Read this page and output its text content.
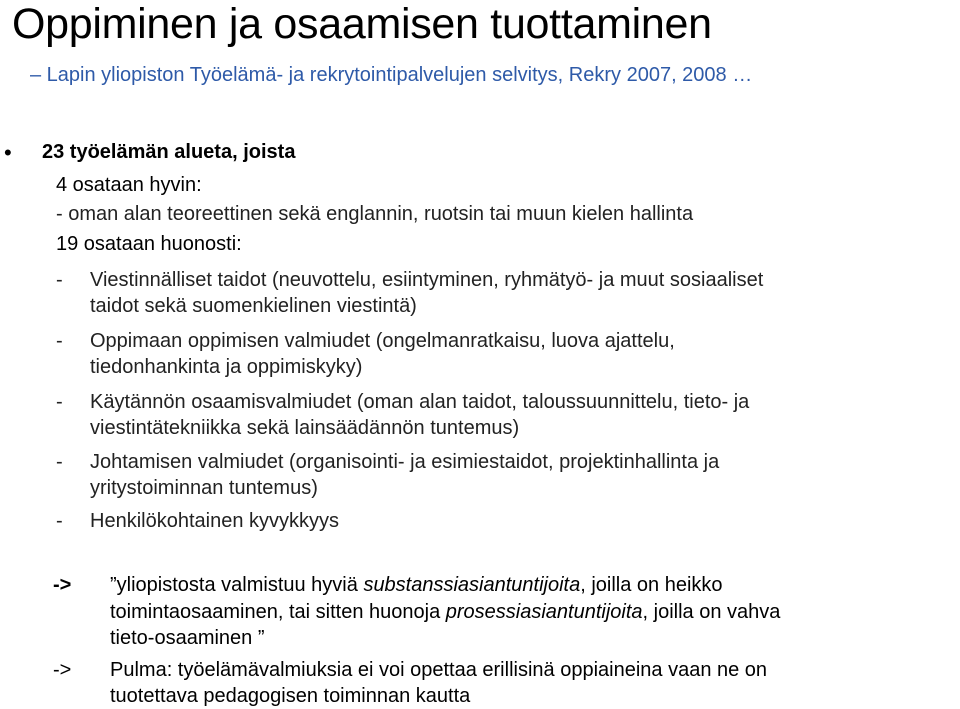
Oppiminen ja osaamisen tuottaminen
– Lapin yliopiston Työelämä- ja rekrytointipalvelujen selvitys, Rekry 2007, 2008 …
• 23 työelämän alueta, joista
4 osataan hyvin:
- oman alan teoreettinen sekä englannin, ruotsin tai muun kielen hallinta
19 osataan huonosti:
- Viestinnälliset taidot (neuvottelu, esiintyminen, ryhmätyö- ja muut sosiaaliset
taidot sekä suomenkielinen viestintä)
- Oppimaan oppimisen valmiudet (ongelmanratkaisu, luova ajattelu,
tiedonhankinta ja oppimiskyky)
- Käytännön osaamisvalmiudet (oman alan taidot, taloussuunnittelu, tieto- ja
viestintätekniikka sekä lainsäädännön tuntemus)
- Johtamisen valmiudet (organisointi- ja esimiestaidot, projektinhallinta ja
yritystoiminnan tuntemus)
- Henkilökohtainen kyvykkyys
-> ”yliopistosta valmistuu hyviä substanssiasiantuntijoita, joilla on heikko
toimintaosaaminen, tai sitten huonoja prosessiasiantuntijoita, joilla on vahva
tieto-osaaminen ”
-> Pulma: työelämävalmiuksia ei voi opettaa erillisinä oppiaineina vaan ne on
tuotettava pedagogisen toiminnan kautta
